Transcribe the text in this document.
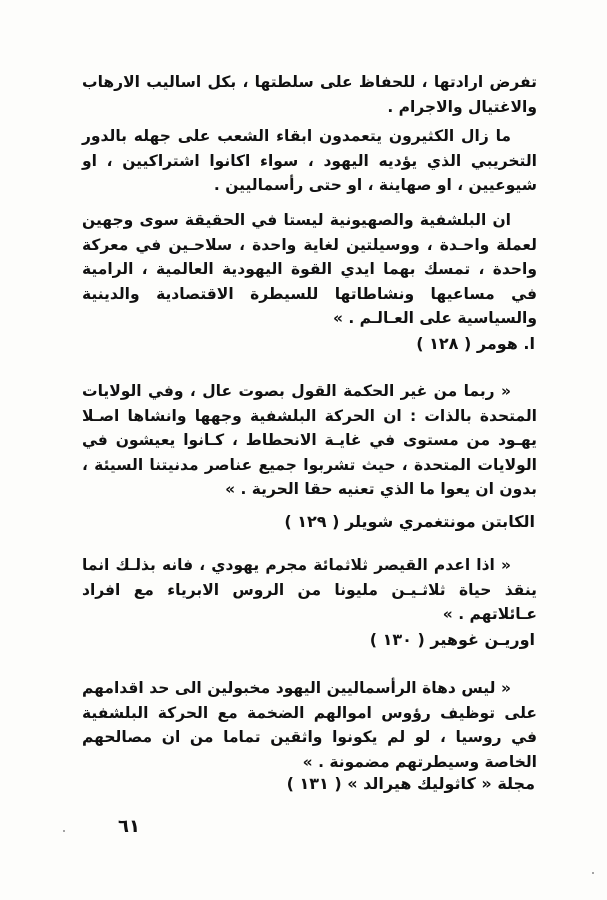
تفرض ارادتها ، للحفاظ على سلطتها ، بكل اساليب الارهاب والاغتيال والاجرام .

ما زال الكثيرون يتعمدون ابقاء الشعب على جهله بالدور التخريبي الذي يؤديه اليهود ، سواء اكانوا اشتراكيين ، او شيوعيين ، او صهاينة ، او حتى رأسماليين .

ان البلشفية والصهيونية ليستا في الحقيقة سوى وجهين لعملة واحـدة ، ووسيلتين لغاية واحدة ، سلاحـين في معركة واحدة ، تمسك بهما ايدي القوة اليهودية العالمية ، الرامية في مساعيها ونشاطاتها للسيطرة الاقتصادية والدينية والسياسية على العـالـم . »

ا. هومر ( ١٢٨ )

« ربما من غير الحكمة القول بصوت عال ، وفي الولايات المتحدة بالذات : ان الحركة البلشفية وجهها وانشاها اصـلا يهـود من مستوى في غايـة الانحطاط ، كـانوا يعيشون في الولايات المتحدة ، حيث تشربوا جميع عناصر مدنيتنا السيئة ، بدون ان يعوا ما الذي تعنيه حقا الحرية . »

الكابتن مونتغمري شويلر ( ١٢٩ )

« اذا اعدم القيصر ثلاثمائة مجرم يهودي ، فانه بذلـك انما ينقذ حياة ثلاثـيـن مليونا من الروس الابرياء مع افراد عـائلاتهم . »

اوريـن غوهير ( ١٣٠ )

« ليس دهاة الرأسماليين اليهود مخبولين الى حد اقدامهم على توظيف رؤوس اموالهم الضخمة مع الحركة البلشفية في روسيا ، لو لم يكونوا واثقين تماما من ان مصالحهم الخاصة وسيطرتهم مضمونة . »

مجلة « كاثوليك هيرالد » ( ١٣١ )
٦١
